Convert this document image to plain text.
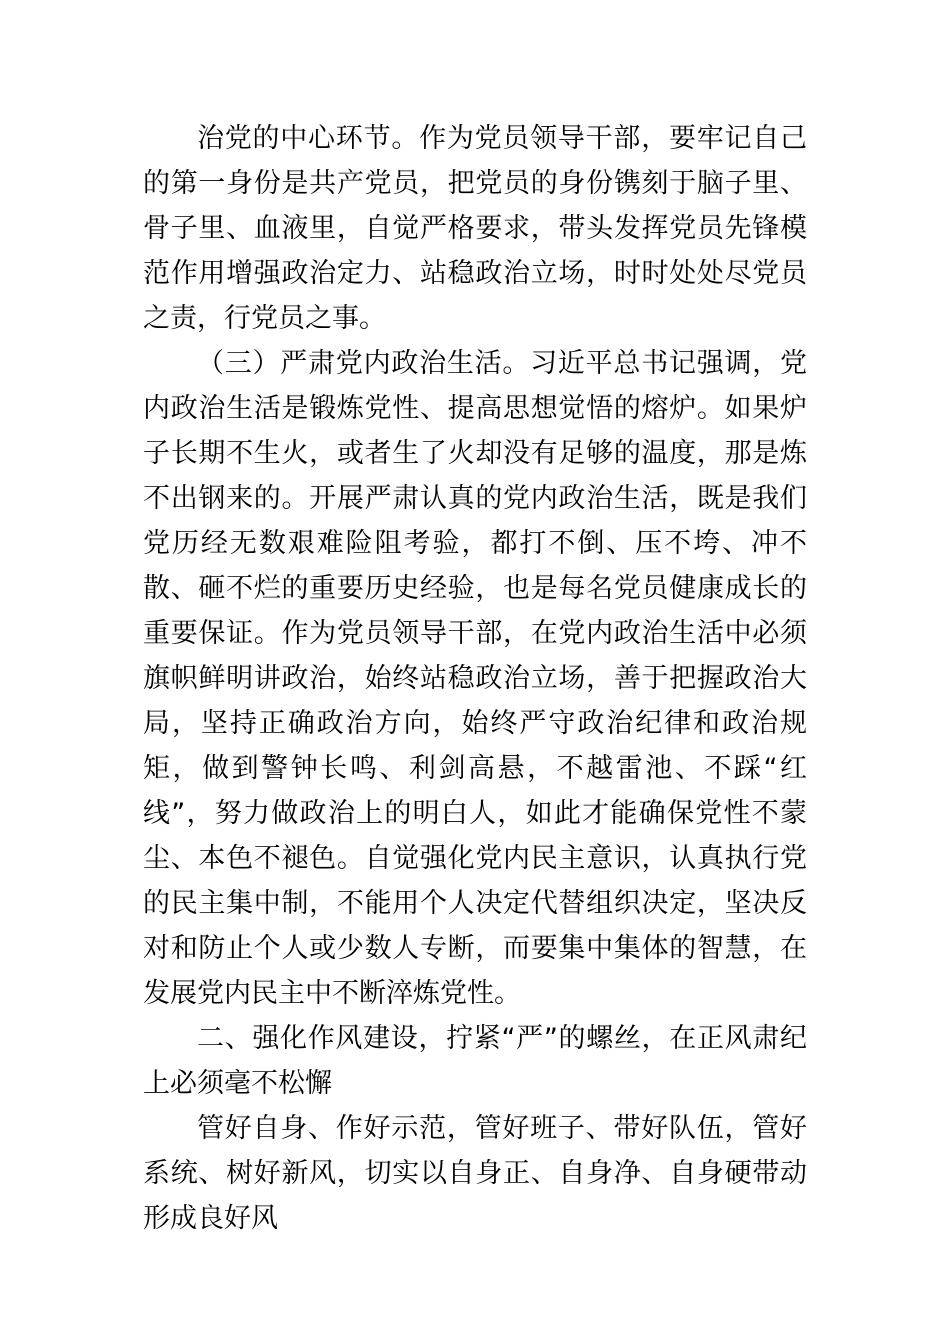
治党的中心环节。作为党员领导干部，要牢记自己的第一身份是共产党员，把党员的身份镌刻于脑子里、骨子里、血液里，自觉严格要求，带头发挥党员先锋模范作用增强政治定力、站稳政治立场，时时处处尽党员之责，行党员之事。

（三）严肃党内政治生活。习近平总书记强调，党内政治生活是锻炼党性、提高思想觉悟的熔炉。如果炉子长期不生火，或者生了火却没有足够的温度，那是炼不出钢来的。开展严肃认真的党内政治生活，既是我们党历经无数艰难险阻考验，都打不倒、压不垮、冲不散、砸不烂的重要历史经验，也是每名党员健康成长的重要保证。作为党员领导干部，在党内政治生活中必须旗帜鲜明讲政治，始终站稳政治立场，善于把握政治大局，坚持正确政治方向，始终严守政治纪律和政治规矩，做到警钟长鸣、利剑高悬，不越雷池、不踩“红线”，努力做政治上的明白人，如此才能确保党性不蒙尘、本色不褪色。自觉强化党内民主意识，认真执行党的民主集中制，不能用个人决定代替组织决定，坚决反对和防止个人或少数人专断，而要集中集体的智慧，在发展党内民主中不断淬炼党性。

二、强化作风建设，拧紧“严”的螺丝，在正风肃纪上必须毫不松懈

管好自身、作好示范，管好班子、带好队伍，管好系统、树好新风，切实以自身正、自身净、自身硬带动形成良好风
